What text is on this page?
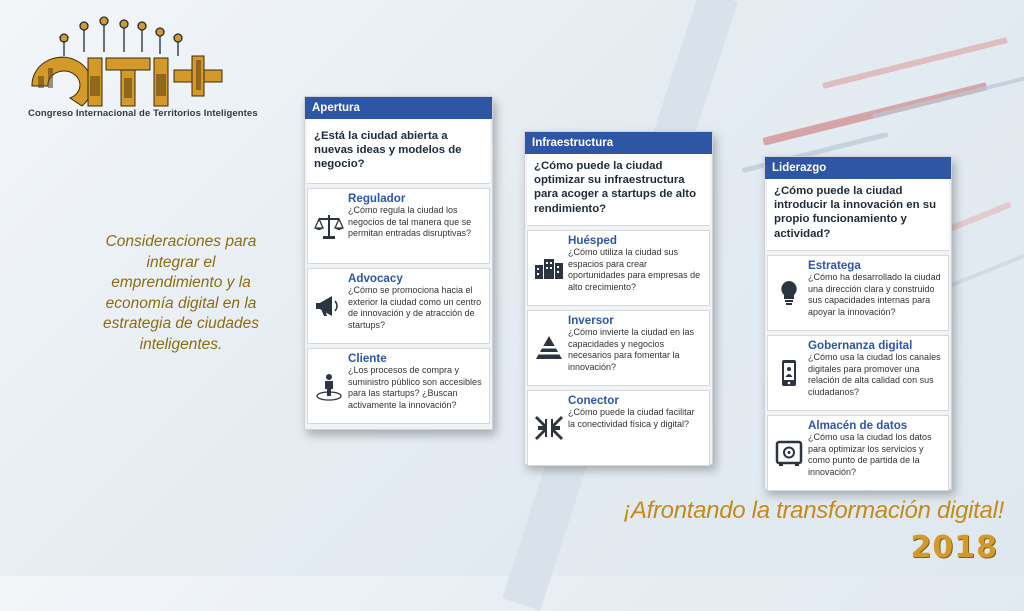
Congreso Internacional de Territorios Inteligentes
Consideraciones para integrar el emprendimiento y la economía digital en la estrategia de ciudades inteligentes.
Apertura
¿Está la ciudad abierta a nuevas ideas y modelos de negocio?
Regulador
¿Cómo regula la ciudad los negocios de tal manera que se permitan entradas disruptivas?
Advocacy
¿Cómo se promociona hacia el exterior la ciudad como un centro de innovación y de atracción de startups?
Cliente
¿Los procesos de compra y suministro público son accesibles para las startups? ¿Buscan activamente la innovación?
Infraestructura
¿Cómo puede la ciudad optimizar su infraestructura para acoger a startups de alto rendimiento?
Huésped
¿Cómo utiliza la ciudad sus espacios para crear oportunidades para empresas de alto crecimiento?
Inversor
¿Cómo invierte la ciudad en las capacidades y negocios necesarios para fomentar la innovación?
Conector
¿Cómo puede la ciudad facilitar la conectividad física y digital?
Liderazgo
¿Cómo puede la ciudad introducir la innovación en su propio funcionamiento y actividad?
Estratega
¿Cómo ha desarrollado la ciudad una dirección clara y construido sus capacidades internas para apoyar la innovación?
Gobernanza digital
¿Cómo usa la ciudad los canales digitales para promover una relación de alta calidad con sus ciudadanos?
Almacén de datos
¿Cómo usa la ciudad los datos para optimizar los servicios y como punto de partida de la innovación?
¡Afrontando la transformación digital!
2018
